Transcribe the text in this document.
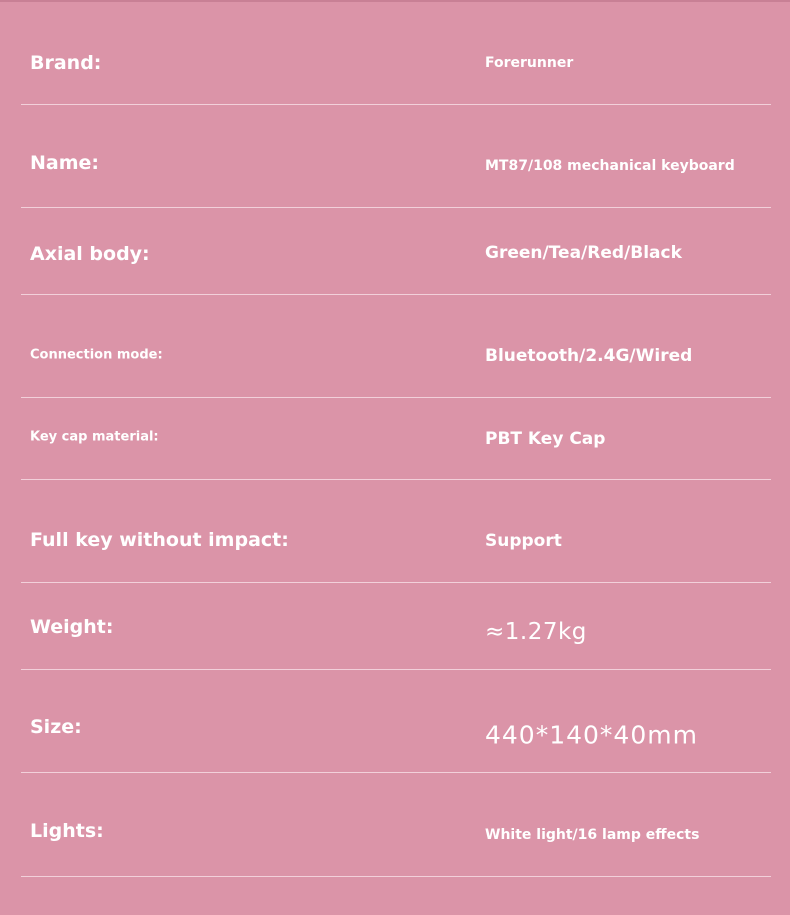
Brand:	Forerunner
Name:	MT87/108 mechanical keyboard
Axial body:	Green/Tea/Red/Black
Connection mode:	Bluetooth/2.4G/Wired
Key cap material:	PBT Key Cap
Full key without impact:	Support
Weight:	≈1.27kg
Size:	440*140*40mm
Lights:	White light/16 lamp effects
